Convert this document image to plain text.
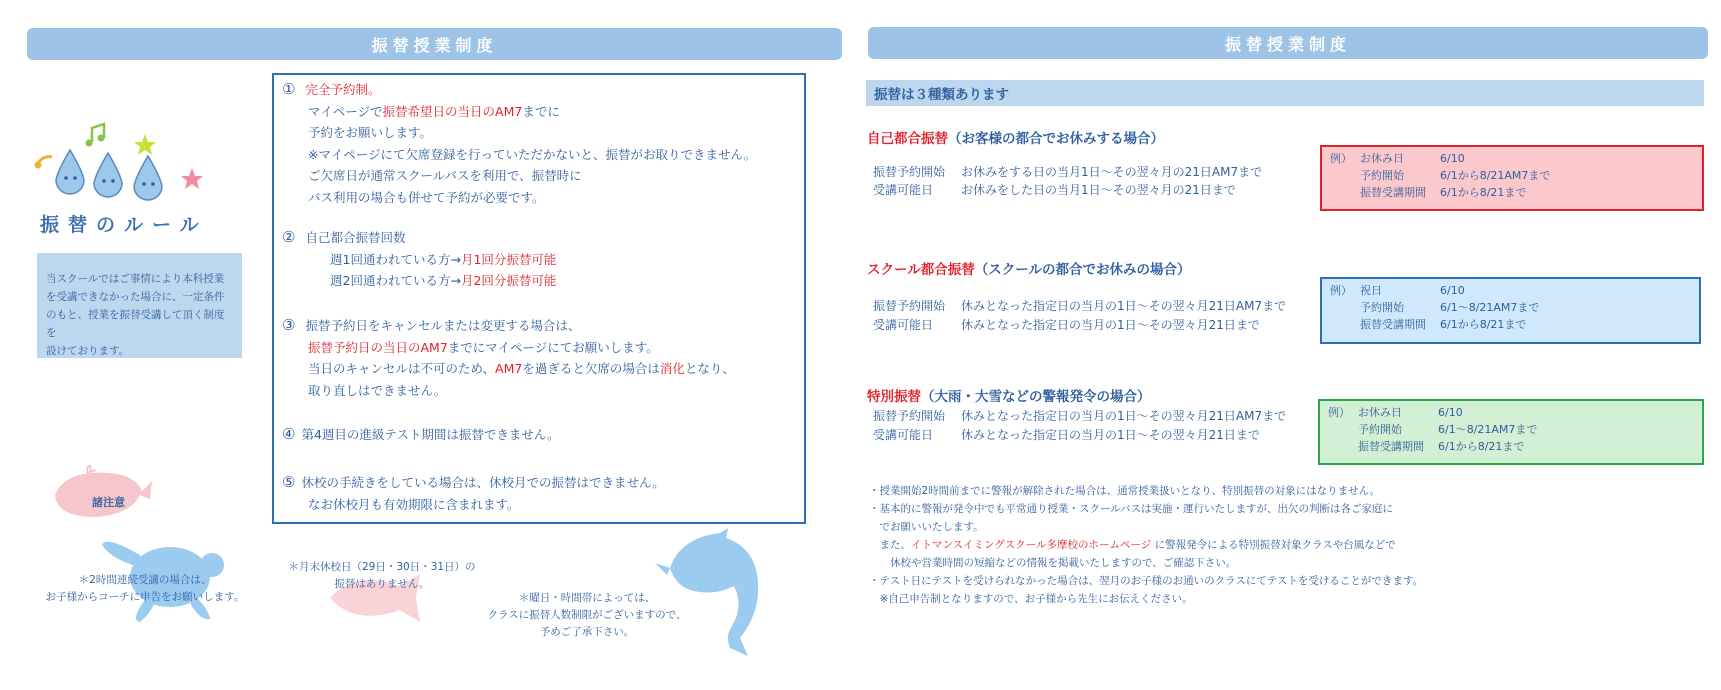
振替授業制度
振替のルール
当スクールではご事情により本科授業
を受講できなかった場合に、一定条件
のもと、授業を振替受講して頂く制度を
設けております。
諸注意
① 完全予約制。
マイページで振替希望日の当日のAM7までに
予約をお願いします。
※マイページにて欠席登録を行っていただかないと、振替がお取りできません。
ご欠席日が通常スクールバスを利用で、振替時に
バス利用の場合も併せて予約が必要です。
② 自己都合振替回数
週1回通われている方→月1回分振替可能
週2回通われている方→月2回分振替可能
③ 振替予約日をキャンセルまたは変更する場合は、
振替予約日の当日のAM7までにマイページにてお願いします。
当日のキャンセルは不可のため、AM7を過ぎると欠席の場合は消化となり、
取り直しはできません。
④ 第4週目の進級テスト期間は振替できません。
⑤ 休校の手続きをしている場合は、休校月での振替はできません。
なお休校月も有効期限に含まれます。
＊2時間連続受講の場合は、
お子様からコーチに申告をお願いします。
＊月末休校日（29日・30日・31日）の
振替はありません。
＊曜日・時間帯によっては、
クラスに振替人数制限がございますので、
予めご了承下さい。
振替授業制度
振替は３種類あります
自己都合振替（お客様の都合でお休みする場合）
振替予約開始 お休みをする日の当月1日〜その翌々月の21日AM7まで
受講可能日 お休みをした日の当月1日〜その翌々月の21日まで
例） お休み日	6/10
予約開始	6/1から8/21AM7まで
振替受講期間 6/1から8/21まで
スクール都合振替（スクールの都合でお休みの場合）
振替予約開始 休みとなった指定日の当月の1日〜その翌々月21日AM7まで
受講可能日 休みとなった指定日の当月の1日〜その翌々月21日まで
例） 祝日	6/10
予約開始	6/1〜8/21AM7まで
振替受講期間 6/1から8/21まで
特別振替（大雨・大雪などの警報発令の場合）
振替予約開始 休みとなった指定日の当月の1日〜その翌々月21日AM7まで
受講可能日 休みとなった指定日の当月の1日〜その翌々月21日まで
例） お休み日	6/10
予約開始	6/1〜8/21AM7まで
振替受講期間 6/1から8/21まで
・授業開始2時間前までに警報が解除された場合は、通常授業扱いとなり、特別振替の対象にはなりません。
・基本的に警報が発令中でも平常通り授業・スクールバスは実施・運行いたしますが、出欠の判断は各ご家庭に
　でお願いいたします。
　また、イトマンスイミングスクール多摩校のホームページ に警報発令による特別振替対象クラスや台風などで
　　休校や営業時間の短縮などの情報を掲載いたしますので、ご確認下さい。
・テスト日にテストを受けられなかった場合は、翌月のお子様のお通いのクラスにてテストを受けることができます。
　※自己申告制となりますので、お子様から先生にお伝えください。
